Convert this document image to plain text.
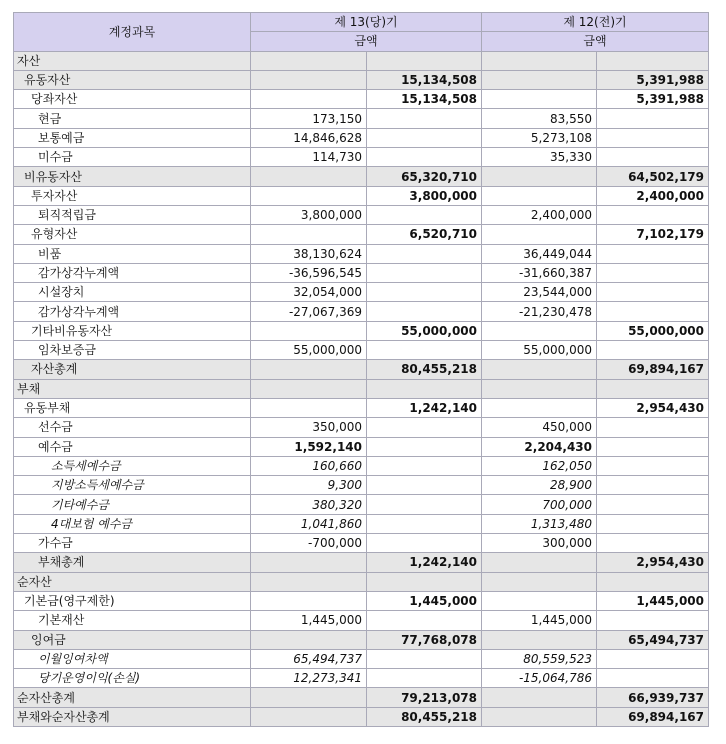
계정과목	제 13(당)기		제 12(전)기	
	금액		금액	
자산				
유동자산		15,134,508		5,391,988
당좌자산		15,134,508		5,391,988
현금	173,150		83,550	
보통예금	14,846,628		5,273,108	
미수금	114,730		35,330	
비유동자산		65,320,710		64,502,179
투자자산		3,800,000		2,400,000
퇴직적립금	3,800,000		2,400,000	
유형자산		6,520,710		7,102,179
비품	38,130,624		36,449,044	
감가상각누계액	-36,596,545		-31,660,387	
시설장치	32,054,000		23,544,000	
감가상각누계액	-27,067,369		-21,230,478	
기타비유동자산		55,000,000		55,000,000
임차보증금	55,000,000		55,000,000	
자산총계		80,455,218		69,894,167
부채				
유동부채		1,242,140		2,954,430
선수금	350,000		450,000	
예수금	1,592,140		2,204,430	
소득세예수금	160,660		162,050	
지방소득세예수금	9,300		28,900	
기타예수금	380,320		700,000	
4대보험 예수금	1,041,860		1,313,480	
가수금	-700,000		300,000	
부채총계		1,242,140		2,954,430
순자산				
기본금(영구제한)		1,445,000		1,445,000
기본재산	1,445,000		1,445,000	
잉여금		77,768,078		65,494,737
이월잉여차액	65,494,737		80,559,523	
당기운영이익(손실)	12,273,341		-15,064,786	
순자산총계		79,213,078		66,939,737
부채와순자산총계		80,455,218		69,894,167
